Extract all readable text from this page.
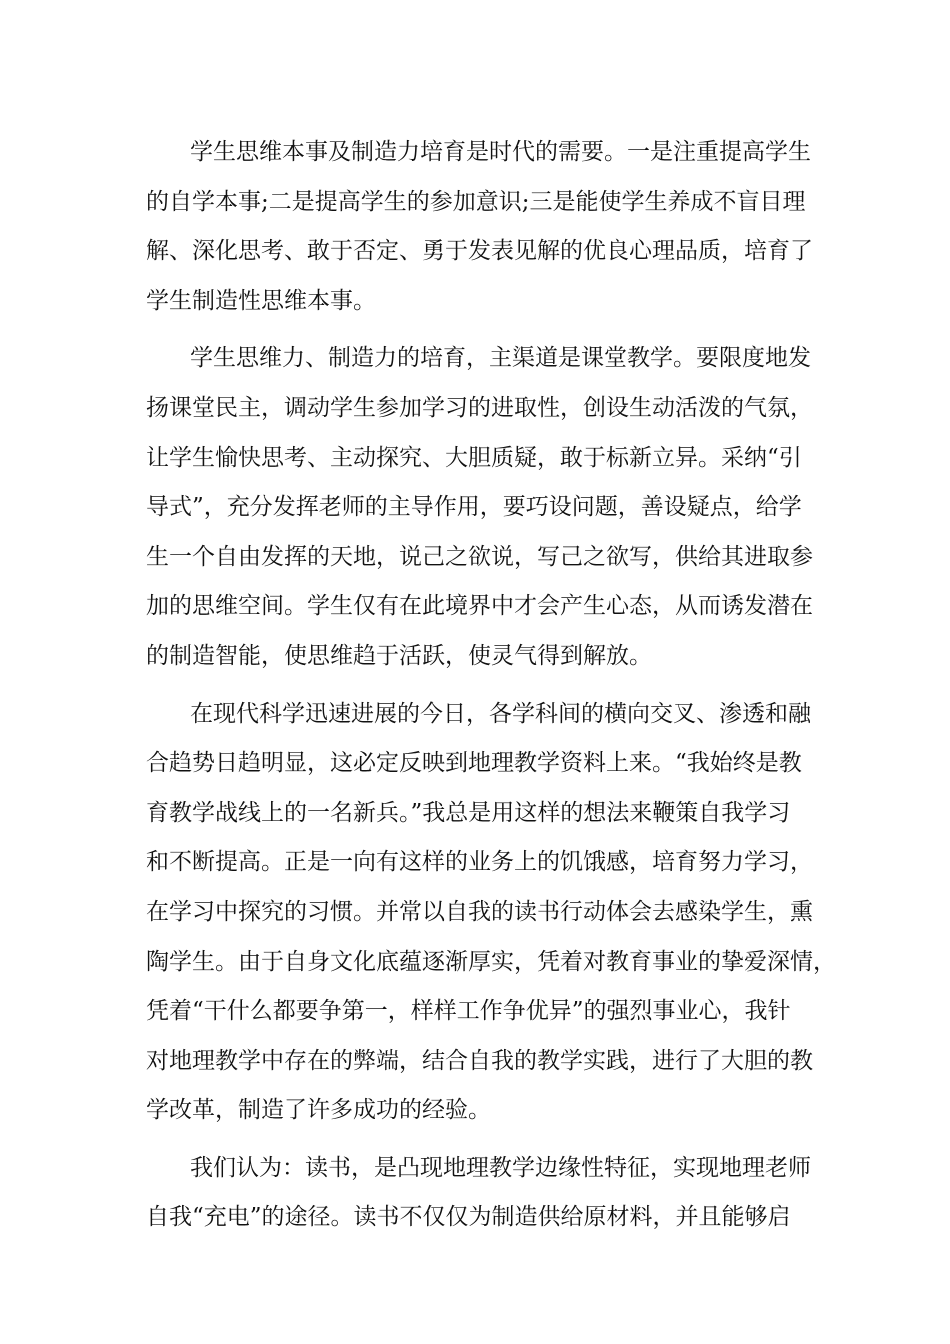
学生思维本事及制造力培育是时代的需要。一是注重提高学生
的自学本事;二是提高学生的参加意识;三是能使学生养成不盲目理
解、深化思考、敢于否定、勇于发表见解的优良心理品质，培育了
学生制造性思维本事。
学生思维力、制造力的培育，主渠道是课堂教学。要限度地发
扬课堂民主，调动学生参加学习的进取性，创设生动活泼的气氛，
让学生愉快思考、主动探究、大胆质疑，敢于标新立异。采纳“引
导式”，充分发挥老师的主导作用，要巧设问题，善设疑点，给学
生一个自由发挥的天地，说己之欲说，写己之欲写，供给其进取参
加的思维空间。学生仅有在此境界中才会产生心态，从而诱发潜在
的制造智能，使思维趋于活跃，使灵气得到解放。
在现代科学迅速进展的今日，各学科间的横向交叉、渗透和融
合趋势日趋明显，这必定反映到地理教学资料上来。“我始终是教
育教学战线上的一名新兵。”我总是用这样的想法来鞭策自我学习
和不断提高。正是一向有这样的业务上的饥饿感，培育努力学习，
在学习中探究的习惯。并常以自我的读书行动体会去感染学生，熏
陶学生。由于自身文化底蕴逐渐厚实，凭着对教育事业的挚爱深情，
凭着“干什么都要争第一，样样工作争优异”的强烈事业心，我针
对地理教学中存在的弊端，结合自我的教学实践，进行了大胆的教
学改革，制造了许多成功的经验。
我们认为：读书，是凸现地理教学边缘性特征，实现地理老师
自我“充电”的途径。读书不仅仅为制造供给原材料，并且能够启
